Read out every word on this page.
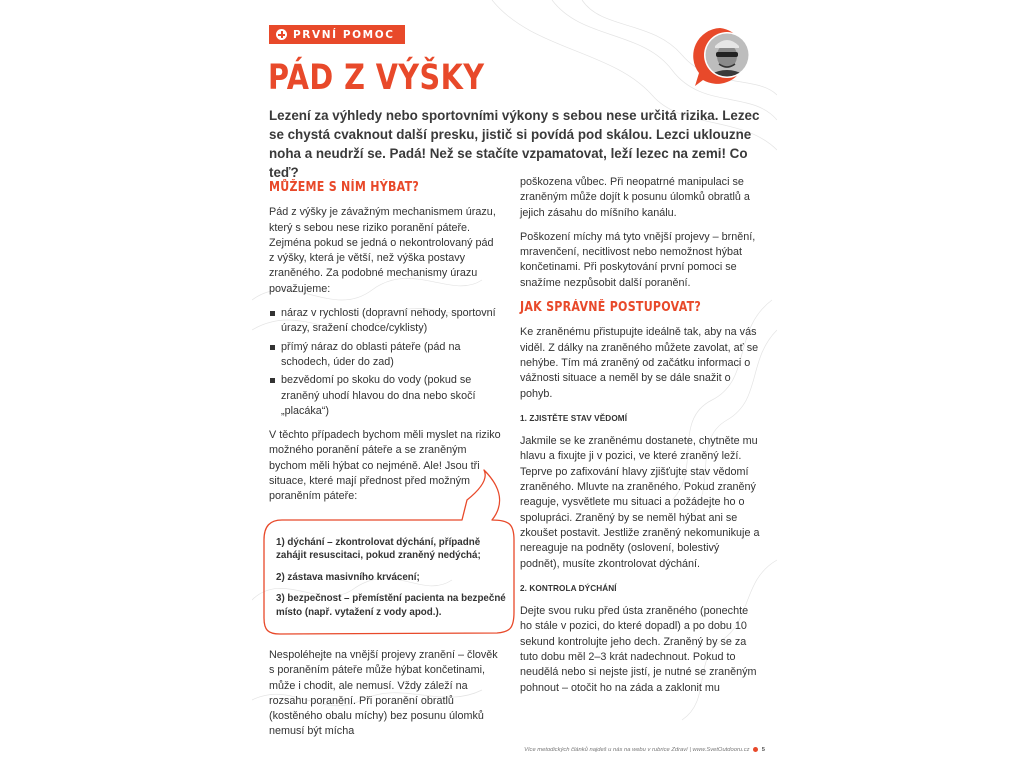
PRVNÍ POMOC
PÁD Z VÝŠKY

Lezení za výhledy nebo sportovními výkony s sebou nese určitá rizika. Lezec se chystá cvaknout další presku, jistič si povídá pod skálou. Lezci uklouzne noha a neudrží se. Padá! Než se stačíte vzpamatovat, leží lezec na zemi! Co teď?

MŮŽEME S NÍM HÝBAT?

Pád z výšky je závažným mechanismem úrazu, který s sebou nese riziko poranění páteře. Zejména pokud se jedná o nekontrolovaný pád z výšky, která je větší, než výška postavy zraněného. Za podobné mechanismy úrazu považujeme:

náraz v rychlosti (dopravní nehody, sportovní úrazy, sražení chodce/cyklisty)
přímý náraz do oblasti páteře (pád na schodech, úder do zad)
bezvědomí po skoku do vody (pokud se zraněný uhodí hlavou do dna nebo skočí „placáka“)

V těchto případech bychom měli myslet na riziko možného poranění páteře a se zraněným bychom měli hýbat co nejméně. Ale! Jsou tři situace, které mají přednost před možným poraněním páteře:

1) dýchání – zkontrolovat dýchání, případně zahájit resuscitaci, pokud zraněný nedýchá;

2) zástava masivního krvácení;

3) bezpečnost – přemístění pacienta na bezpečné místo (např. vytažení z vody apod.).

Nespoléhejte na vnější projevy zranění – člověk s poraněním páteře může hýbat končetinami, může i chodit, ale nemusí. Vždy záleží na rozsahu poranění. Při poranění obratlů (kostěného obalu míchy) bez posunu úlomků nemusí být mícha

poškozena vůbec. Při neopatrné manipulaci se zraněným může dojít k posunu úlomků obratlů a jejich zásahu do míšního kanálu.

Poškození míchy má tyto vnější projevy – brnění, mravenčení, necitlivost nebo nemožnost hýbat končetinami. Při poskytování první pomoci se snažíme nezpůsobit další poranění.

JAK SPRÁVNĚ POSTUPOVAT?

Ke zraněnému přistupujte ideálně tak, aby na vás viděl. Z dálky na zraněného můžete zavolat, ať se nehýbe. Tím má zraněný od začátku informaci o vážnosti situace a neměl by se dále snažit o pohyb.

1. ZJISTĚTE STAV VĚDOMÍ

Jakmile se ke zraněnému dostanete, chytněte mu hlavu a fixujte ji v pozici, ve které zraněný leží. Teprve po zafixování hlavy zjišťujte stav vědomí zraněného. Mluvte na zraněného. Pokud zraněný reaguje, vysvětlete mu situaci a požádejte ho o spolupráci. Zraněný by se neměl hýbat ani se zkoušet postavit. Jestliže zraněný nekomunikuje a nereaguje na podněty (oslovení, bolestivý podnět), musíte zkontrolovat dýchání.

2. KONTROLA DÝCHÁNÍ

Dejte svou ruku před ústa zraněného (ponechte ho stále v pozici, do které dopadl) a po dobu 10 sekund kontrolujte jeho dech. Zraněný by se za tuto dobu měl 2–3 krát nadechnout. Pokud to neudělá nebo si nejste jistí, je nutné se zraněným pohnout – otočit ho na záda a zaklonit mu

Více metodických článků najdeš u nás na webu v rubrice Zdraví | www.SvetOutdooru.cz 5
